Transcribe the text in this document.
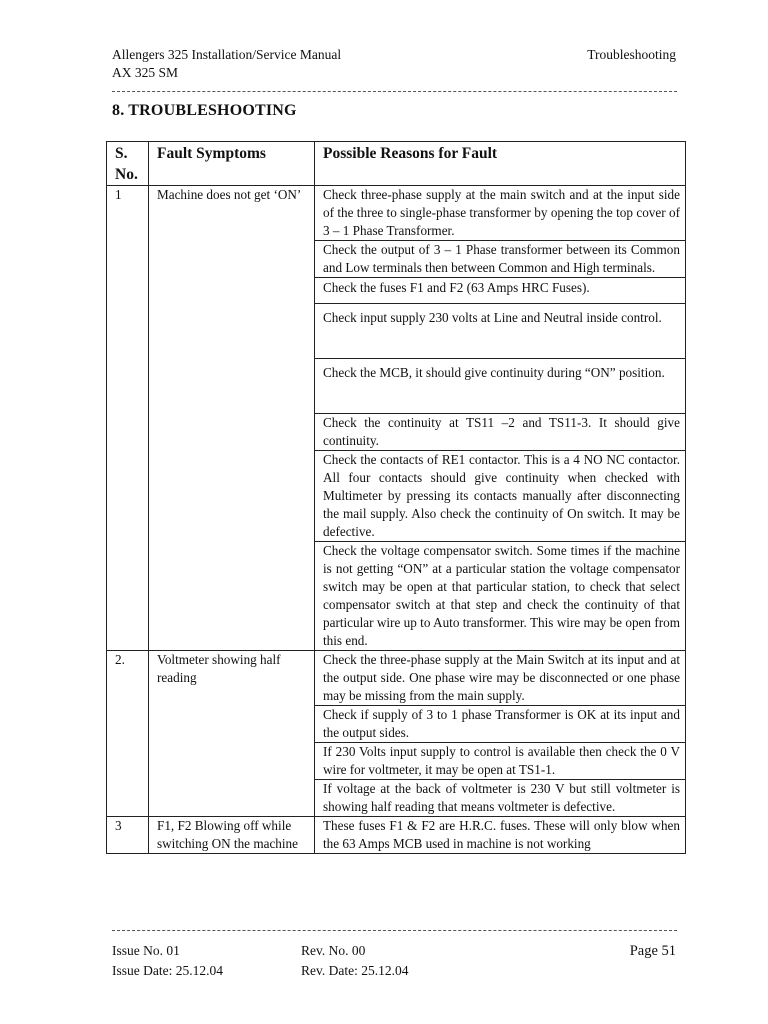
Allengers 325 Installation/Service Manual
AX 325 SM
Troubleshooting
8. TROUBLESHOOTING
S. No.	Fault Symptoms	Possible Reasons for Fault
1	Machine does not get ‘ON’	Check three-phase supply at the main switch and at the input side of the three to single-phase transformer by opening the top cover of 3 – 1 Phase Transformer.
		Check the output of 3 – 1 Phase transformer between its Common and Low terminals then between Common and High terminals.
		Check the fuses F1 and F2 (63 Amps HRC Fuses).
		Check input supply 230 volts at Line and Neutral inside control.
		Check the MCB, it should give continuity during “ON” position.
		Check the continuity at TS11 –2 and TS11-3. It should give continuity.
		Check the contacts of RE1 contactor. This is a 4 NO NC contactor. All four contacts should give continuity when checked with Multimeter by pressing its contacts manually after disconnecting the mail supply. Also check the continuity of On switch. It may be defective.
		Check the voltage compensator switch. Some times if the machine is not getting “ON” at a particular station the voltage compensator switch may be open at that particular station, to check that select compensator switch at that step and check the continuity of that particular wire up to Auto transformer. This wire may be open from this end.
2.	Voltmeter showing half reading	Check the three-phase supply at the Main Switch at its input and at the output side. One phase wire may be disconnected or one phase may be missing from the main supply.
		Check if supply of 3 to 1 phase Transformer is OK at its input and the output sides.
		If 230 Volts input supply to control is available then check the 0 V wire for voltmeter, it may be open at TS1-1.
		If voltage at the back of voltmeter is 230 V but still voltmeter is showing half reading that means voltmeter is defective.
3	F1, F2 Blowing off while switching ON the machine	These fuses F1 & F2 are H.R.C. fuses. These will only blow when the 63 Amps MCB used in machine is not working
Issue No. 01
Issue Date: 25.12.04
Rev. No. 00
Rev. Date: 25.12.04
Page 51
